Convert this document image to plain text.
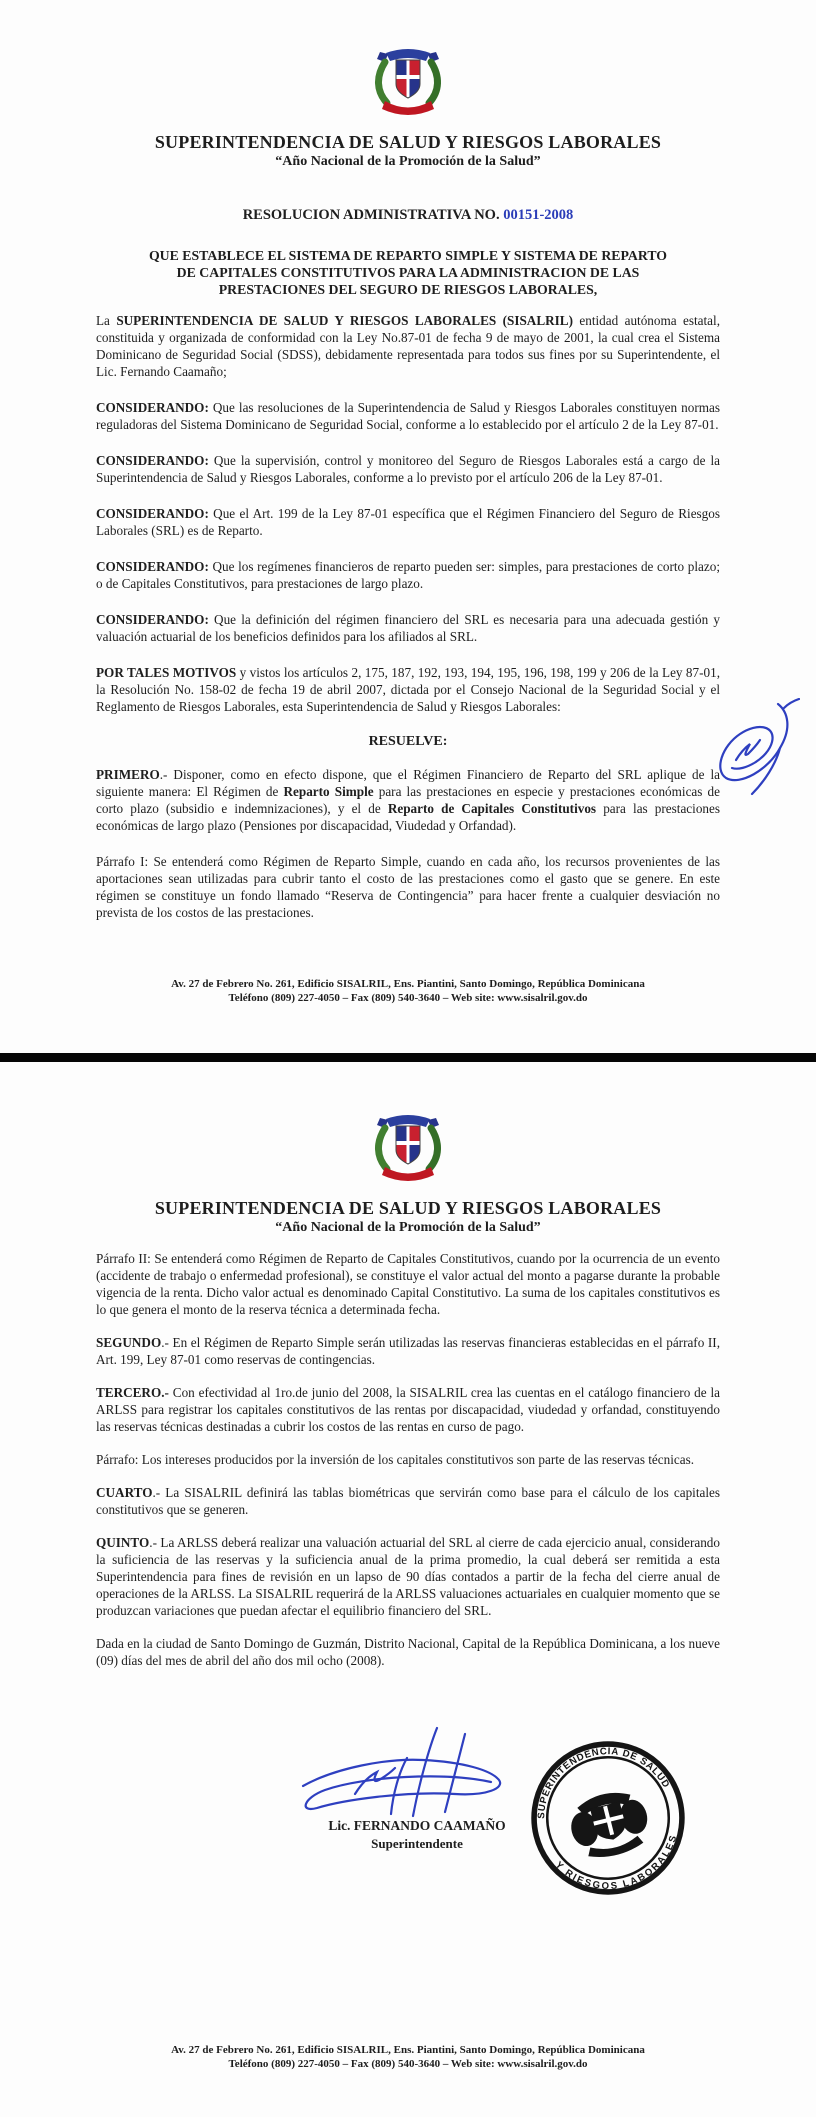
SUPERINTENDENCIA DE SALUD Y RIESGOS LABORALES
“Año Nacional de la Promoción de la Salud”
RESOLUCION ADMINISTRATIVA NO. 00151-2008
QUE ESTABLECE EL SISTEMA DE REPARTO SIMPLE Y SISTEMA DE REPARTO
DE CAPITALES CONSTITUTIVOS PARA LA ADMINISTRACION DE LAS
PRESTACIONES DEL SEGURO DE RIESGOS LABORALES,

La SUPERINTENDENCIA DE SALUD Y RIESGOS LABORALES (SISALRIL) entidad autónoma estatal, constituida y organizada de conformidad con la Ley No.87-01 de fecha 9 de mayo de 2001, la cual crea el Sistema Dominicano de Seguridad Social (SDSS), debidamente representada para todos sus fines por su Superintendente, el Lic. Fernando Caamaño;

CONSIDERANDO: Que las resoluciones de la Superintendencia de Salud y Riesgos Laborales constituyen normas reguladoras del Sistema Dominicano de Seguridad Social, conforme a lo establecido por el artículo 2 de la Ley 87-01.

CONSIDERANDO: Que la supervisión, control y monitoreo del Seguro de Riesgos Laborales está a cargo de la Superintendencia de Salud y Riesgos Laborales, conforme a lo previsto por el artículo 206 de la Ley 87-01.

CONSIDERANDO: Que el Art. 199 de la Ley 87-01 específica que el Régimen Financiero del Seguro de Riesgos Laborales (SRL) es de Reparto.

CONSIDERANDO: Que los regímenes financieros de reparto pueden ser: simples, para prestaciones de corto plazo; o de Capitales Constitutivos, para prestaciones de largo plazo.

CONSIDERANDO: Que la definición del régimen financiero del SRL es necesaria para una adecuada gestión y valuación actuarial de los beneficios definidos para los afiliados al SRL.

POR TALES MOTIVOS y vistos los artículos 2, 175, 187, 192, 193, 194, 195, 196, 198, 199 y 206 de la Ley 87-01, la Resolución No. 158-02 de fecha 19 de abril 2007, dictada por el Consejo Nacional de la Seguridad Social y el Reglamento de Riesgos Laborales, esta Superintendencia de Salud y Riesgos Laborales:

RESUELVE:

PRIMERO.- Disponer, como en efecto dispone, que el Régimen Financiero de Reparto del SRL aplique de la siguiente manera: El Régimen de Reparto Simple para las prestaciones en especie y prestaciones económicas de corto plazo (subsidio e indemnizaciones), y el de Reparto de Capitales Constitutivos para las prestaciones económicas de largo plazo (Pensiones por discapacidad, Viudedad y Orfandad).

Párrafo I: Se entenderá como Régimen de Reparto Simple, cuando en cada año, los recursos provenientes de las aportaciones sean utilizadas para cubrir tanto el costo de las prestaciones como el gasto que se genere. En este régimen se constituye un fondo llamado “Reserva de Contingencia” para hacer frente a cualquier desviación no prevista de los costos de las prestaciones.

Av. 27 de Febrero No. 261, Edificio SISALRIL, Ens. Piantini, Santo Domingo, República Dominicana
Teléfono (809) 227-4050 – Fax (809) 540-3640 – Web site: www.sisalril.gov.do
SUPERINTENDENCIA DE SALUD Y RIESGOS LABORALES
“Año Nacional de la Promoción de la Salud”

Párrafo II: Se entenderá como Régimen de Reparto de Capitales Constitutivos, cuando por la ocurrencia de un evento (accidente de trabajo o enfermedad profesional), se constituye el valor actual del monto a pagarse durante la probable vigencia de la renta. Dicho valor actual es denominado Capital Constitutivo. La suma de los capitales constitutivos es lo que genera el monto de la reserva técnica a determinada fecha.

SEGUNDO.- En el Régimen de Reparto Simple serán utilizadas las reservas financieras establecidas en el párrafo II, Art. 199, Ley 87-01 como reservas de contingencias.

TERCERO.- Con efectividad al 1ro.de junio del 2008, la SISALRIL crea las cuentas en el catálogo financiero de la ARLSS para registrar los capitales constitutivos de las rentas por discapacidad, viudedad y orfandad, constituyendo las reservas técnicas destinadas a cubrir los costos de las rentas en curso de pago.

Párrafo: Los intereses producidos por la inversión de los capitales constitutivos son parte de las reservas técnicas.

CUARTO.- La SISALRIL definirá las tablas biométricas que servirán como base para el cálculo de los capitales constitutivos que se generen.

QUINTO.- La ARLSS deberá realizar una valuación actuarial del SRL al cierre de cada ejercicio anual, considerando la suficiencia de las reservas y la suficiencia anual de la prima promedio, la cual deberá ser remitida a esta Superintendencia para fines de revisión en un lapso de 90 días contados a partir de la fecha del cierre anual de operaciones de la ARLSS. La SISALRIL requerirá de la ARLSS valuaciones actuariales en cualquier momento que se produzcan variaciones que puedan afectar el equilibrio financiero del SRL.

Dada en la ciudad de Santo Domingo de Guzmán, Distrito Nacional, Capital de la República Dominicana, a los nueve (09) días del mes de abril del año dos mil ocho (2008).

Lic. FERNANDO CAAMAÑO
Superintendente
SUPERINTENDENCIA DE SALUD
Y RIESGOS LABORALES
Av. 27 de Febrero No. 261, Edificio SISALRIL, Ens. Piantini, Santo Domingo, República Dominicana
Teléfono (809) 227-4050 – Fax (809) 540-3640 – Web site: www.sisalril.gov.do
